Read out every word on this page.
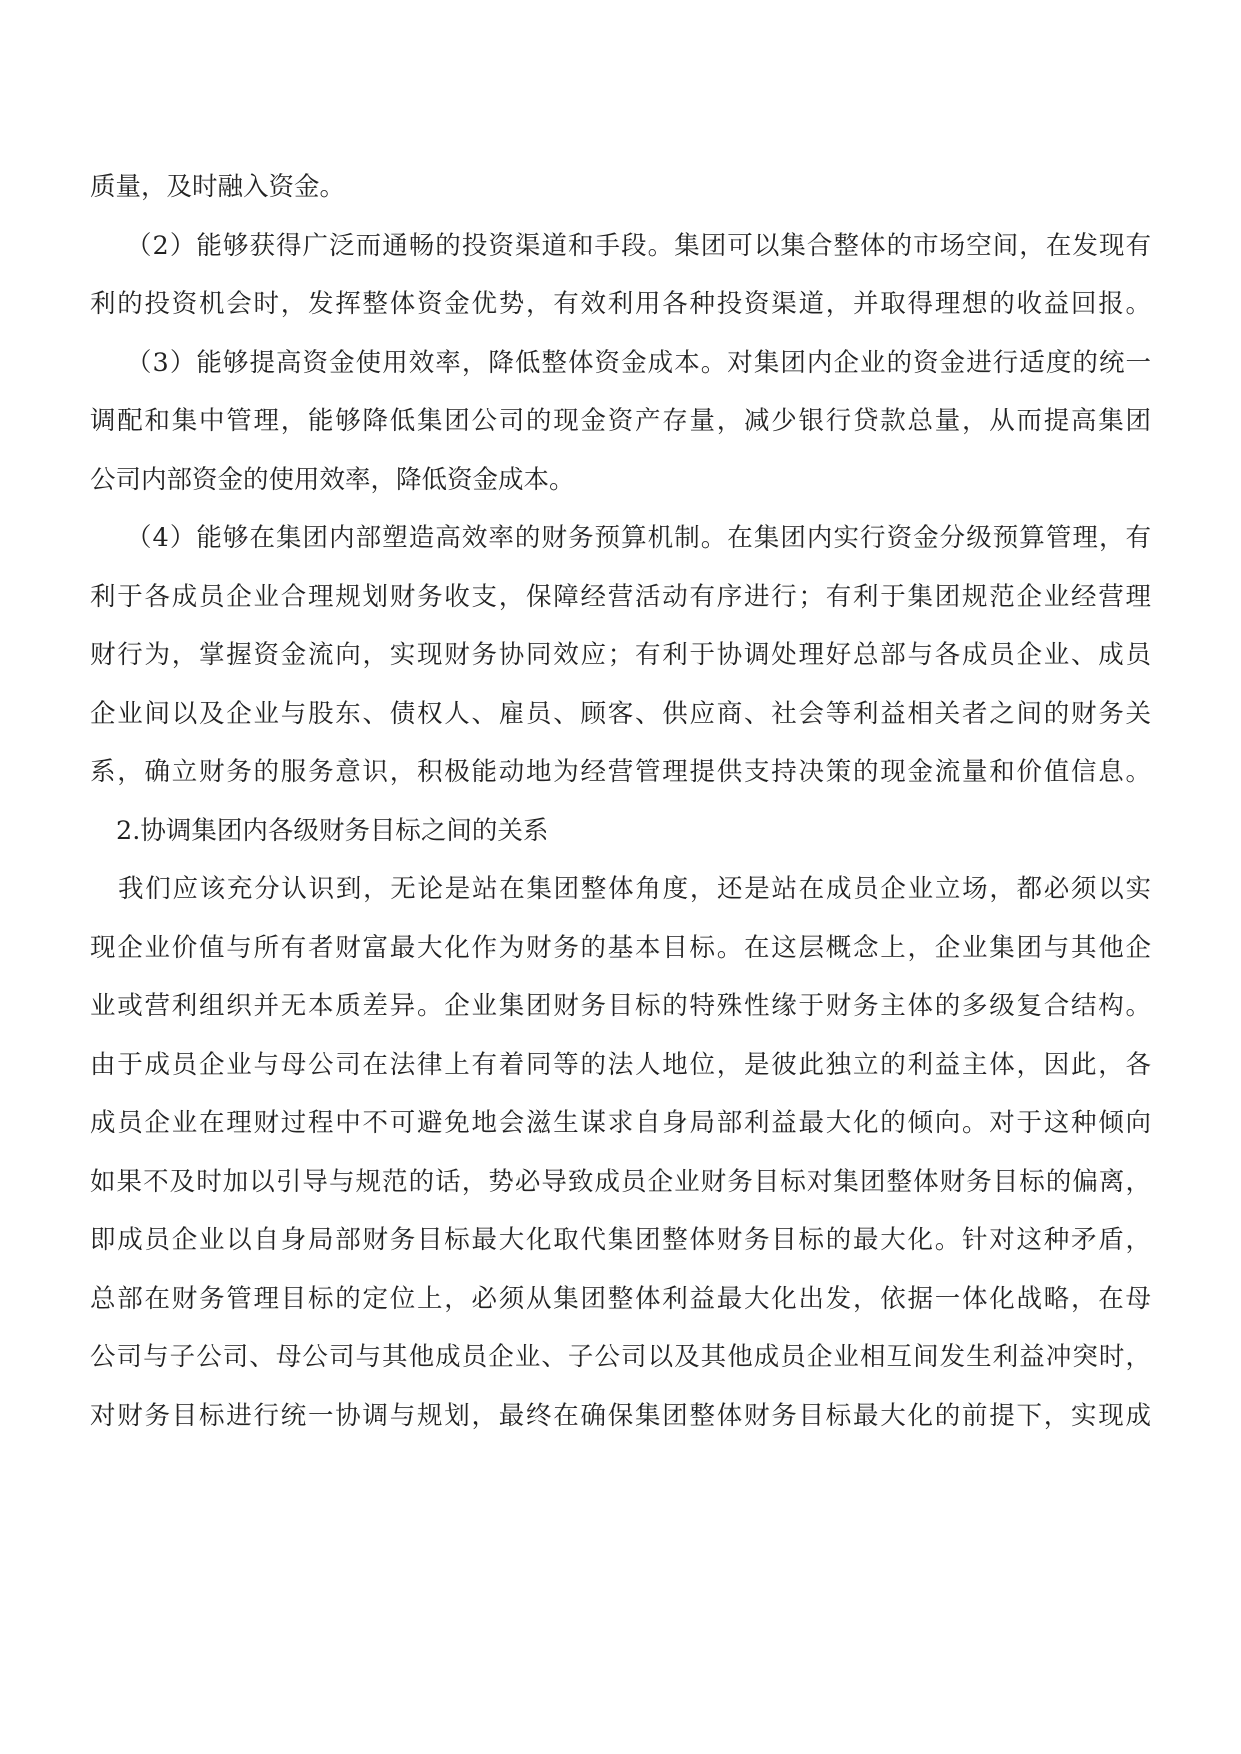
质量，及时融入资金。
（2）能够获得广泛而通畅的投资渠道和手段。集团可以集合整体的市场空间，在发现有
利的投资机会时，发挥整体资金优势，有效利用各种投资渠道，并取得理想的收益回报。
（3）能够提高资金使用效率，降低整体资金成本。对集团内企业的资金进行适度的统一
调配和集中管理，能够降低集团公司的现金资产存量，减少银行贷款总量，从而提高集团
公司内部资金的使用效率，降低资金成本。
（4）能够在集团内部塑造高效率的财务预算机制。在集团内实行资金分级预算管理，有
利于各成员企业合理规划财务收支，保障经营活动有序进行；有利于集团规范企业经营理
财行为，掌握资金流向，实现财务协同效应；有利于协调处理好总部与各成员企业、成员
企业间以及企业与股东、债权人、雇员、顾客、供应商、社会等利益相关者之间的财务关
系，确立财务的服务意识，积极能动地为经营管理提供支持决策的现金流量和价值信息。
2.协调集团内各级财务目标之间的关系
我们应该充分认识到，无论是站在集团整体角度，还是站在成员企业立场，都必须以实
现企业价值与所有者财富最大化作为财务的基本目标。在这层概念上，企业集团与其他企
业或营利组织并无本质差异。企业集团财务目标的特殊性缘于财务主体的多级复合结构。
由于成员企业与母公司在法律上有着同等的法人地位，是彼此独立的利益主体，因此，各
成员企业在理财过程中不可避免地会滋生谋求自身局部利益最大化的倾向。对于这种倾向
如果不及时加以引导与规范的话，势必导致成员企业财务目标对集团整体财务目标的偏离，
即成员企业以自身局部财务目标最大化取代集团整体财务目标的最大化。针对这种矛盾，
总部在财务管理目标的定位上，必须从集团整体利益最大化出发，依据一体化战略，在母
公司与子公司、母公司与其他成员企业、子公司以及其他成员企业相互间发生利益冲突时，
对财务目标进行统一协调与规划，最终在确保集团整体财务目标最大化的前提下，实现成
